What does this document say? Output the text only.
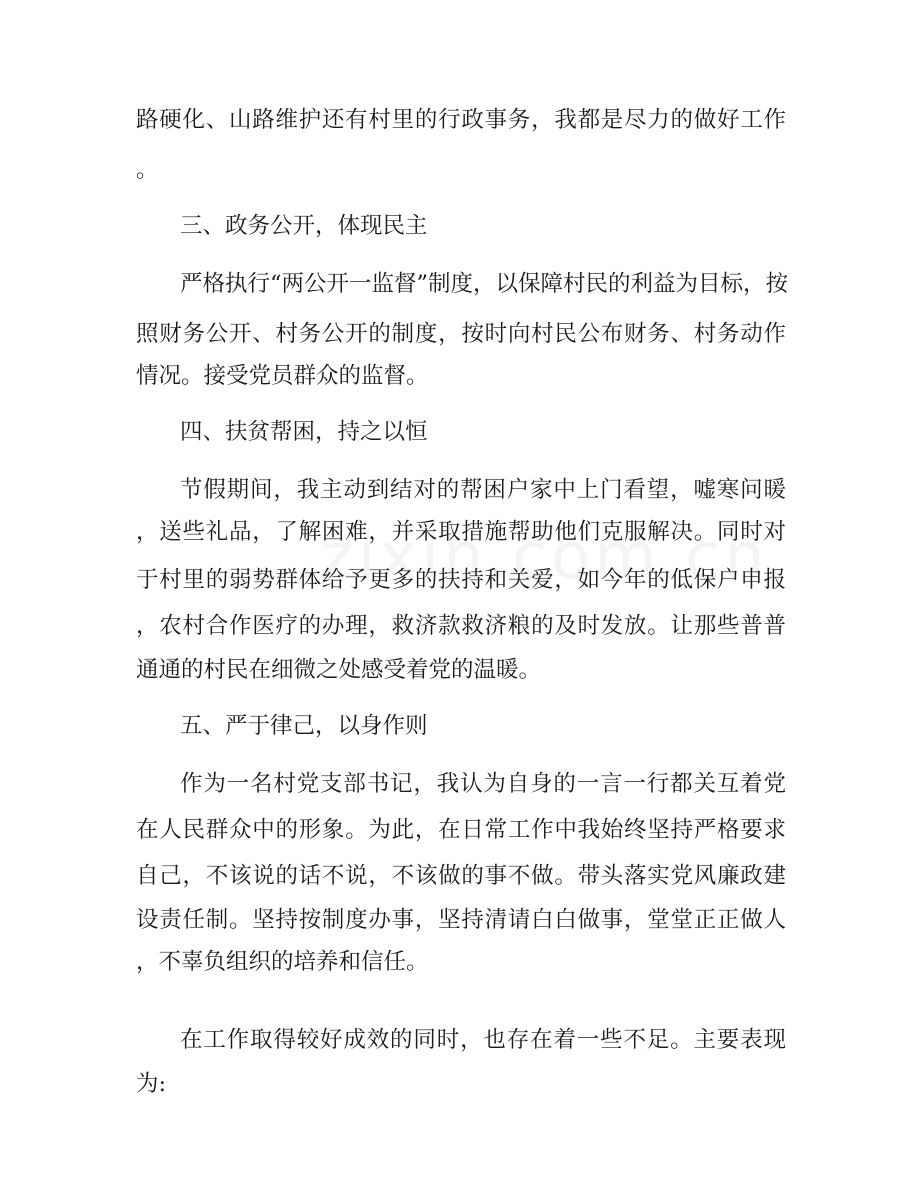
路硬化、山路维护还有村里的行政事务，我都是尽力的做好工作
。
三、政务公开，体现民主
严格执行“两公开一监督”制度，以保障村民的利益为目标，按
照财务公开、村务公开的制度，按时向村民公布财务、村务动作
情况。接受党员群众的监督。
四、扶贫帮困，持之以恒
节假期间，我主动到结对的帮困户家中上门看望，嘘寒问暖
，送些礼品，了解困难，并采取措施帮助他们克服解决。同时对
于村里的弱势群体给予更多的扶持和关爱，如今年的低保户申报
，农村合作医疗的办理，救济款救济粮的及时发放。让那些普普
通通的村民在细微之处感受着党的温暖。
五、严于律己，以身作则
作为一名村党支部书记，我认为自身的一言一行都关互着党
在人民群众中的形象。为此，在日常工作中我始终坚持严格要求
自己，不该说的话不说，不该做的事不做。带头落实党风廉政建
设责任制。坚持按制度办事，坚持清请白白做事，堂堂正正做人
，不辜负组织的培养和信任。
在工作取得较好成效的同时，也存在着一些不足。主要表现
为:
